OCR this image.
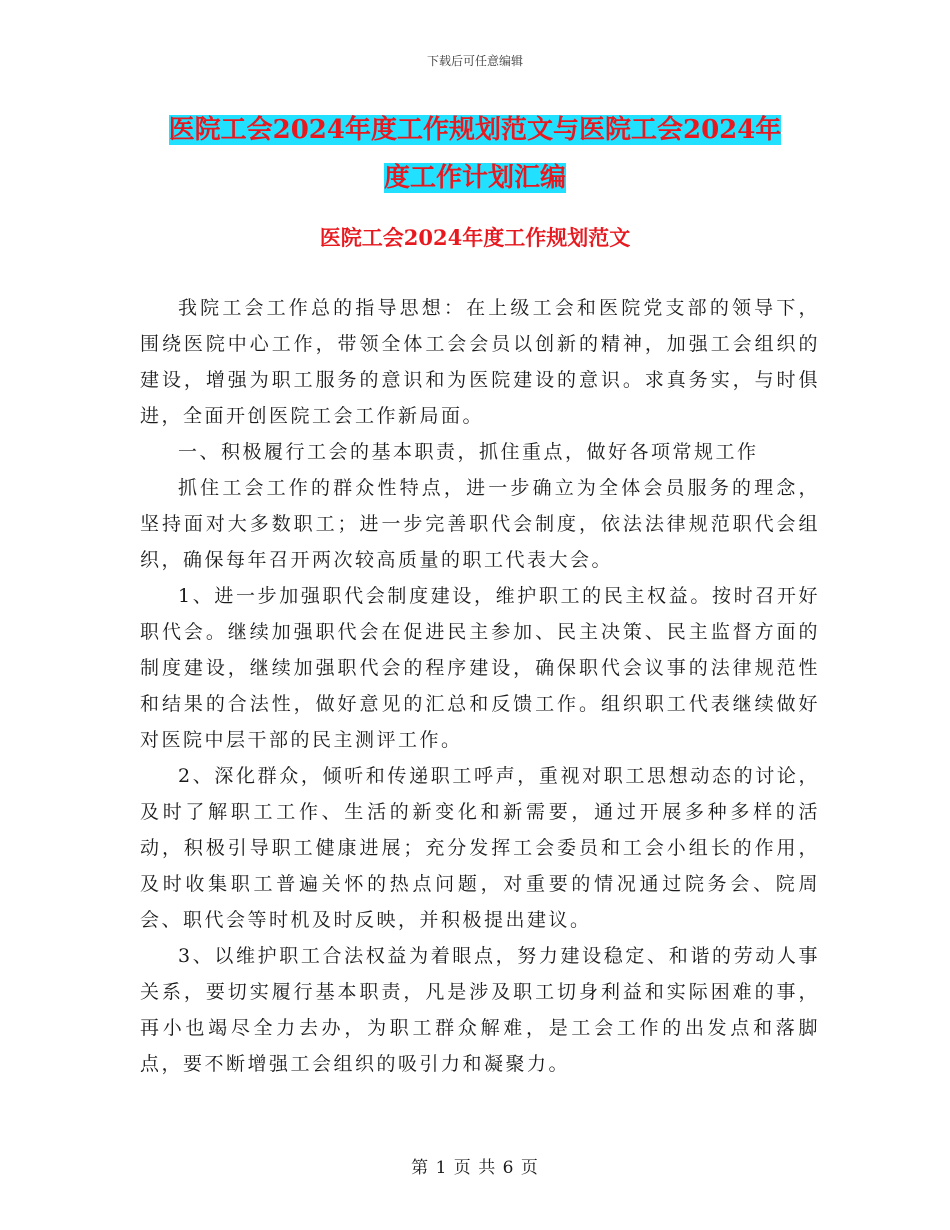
下载后可任意编辑
医院工会2024年度工作规划范文与医院工会2024年
度工作计划汇编
医院工会2024年度工作规划范文

我院工会工作总的指导思想：在上级工会和医院党支部的领导下，围绕医院中心工作，带领全体工会会员以创新的精神，加强工会组织的建设，增强为职工服务的意识和为医院建设的意识。求真务实，与时俱进，全面开创医院工会工作新局面。

一、积极履行工会的基本职责，抓住重点，做好各项常规工作

抓住工会工作的群众性特点，进一步确立为全体会员服务的理念，坚持面对大多数职工；进一步完善职代会制度，依法法律规范职代会组织，确保每年召开两次较高质量的职工代表大会。

1、进一步加强职代会制度建设，维护职工的民主权益。按时召开好职代会。继续加强职代会在促进民主参加、民主决策、民主监督方面的制度建设，继续加强职代会的程序建设，确保职代会议事的法律规范性和结果的合法性，做好意见的汇总和反馈工作。组织职工代表继续做好对医院中层干部的民主测评工作。

2、深化群众，倾听和传递职工呼声，重视对职工思想动态的讨论，及时了解职工工作、生活的新变化和新需要，通过开展多种多样的活动，积极引导职工健康进展；充分发挥工会委员和工会小组长的作用，及时收集职工普遍关怀的热点问题，对重要的情况通过院务会、院周会、职代会等时机及时反映，并积极提出建议。

3、以维护职工合法权益为着眼点，努力建设稳定、和谐的劳动人事关系，要切实履行基本职责，凡是涉及职工切身利益和实际困难的事，再小也竭尽全力去办，为职工群众解难，是工会工作的出发点和落脚点，要不断增强工会组织的吸引力和凝聚力。

第 1 页 共 6 页
